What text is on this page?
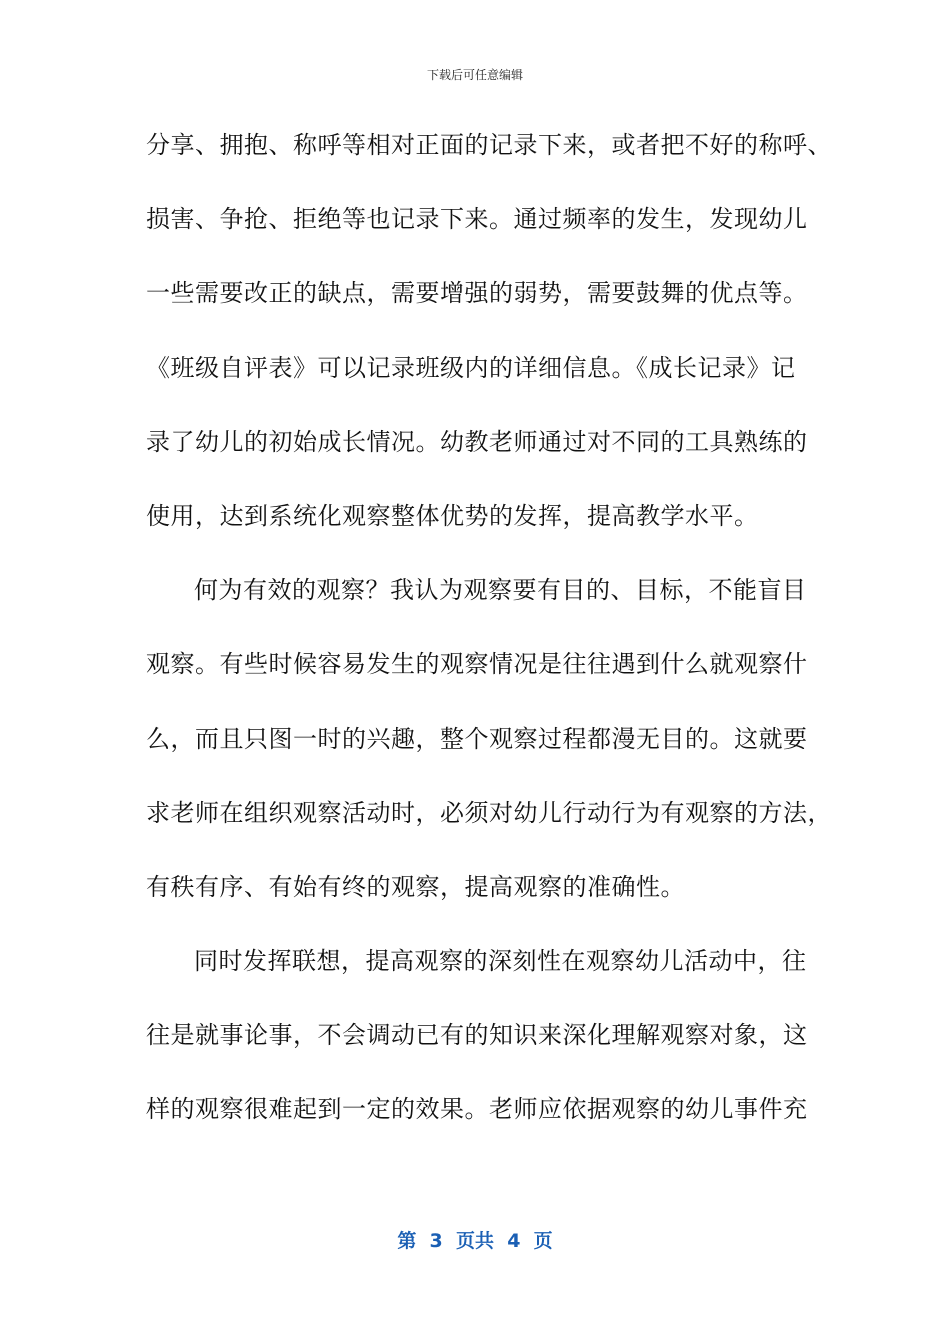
下载后可任意编辑
分享、拥抱、称呼等相对正面的记录下来，或者把不好的称呼、
损害、争抢、拒绝等也记录下来。通过频率的发生，发现幼儿
一些需要改正的缺点，需要增强的弱势，需要鼓舞的优点等。
《班级自评表》可以记录班级内的详细信息。《成长记录》记
录了幼儿的初始成长情况。幼教老师通过对不同的工具熟练的
使用，达到系统化观察整体优势的发挥，提高教学水平。
何为有效的观察？我认为观察要有目的、目标，不能盲目
观察。有些时候容易发生的观察情况是往往遇到什么就观察什
么，而且只图一时的兴趣，整个观察过程都漫无目的。这就要
求老师在组织观察活动时，必须对幼儿行动行为有观察的方法，
有秩有序、有始有终的观察，提高观察的准确性。
同时发挥联想，提高观察的深刻性在观察幼儿活动中，往
往是就事论事，不会调动已有的知识来深化理解观察对象，这
样的观察很难起到一定的效果。老师应依据观察的幼儿事件充
第  3  页共  4  页
